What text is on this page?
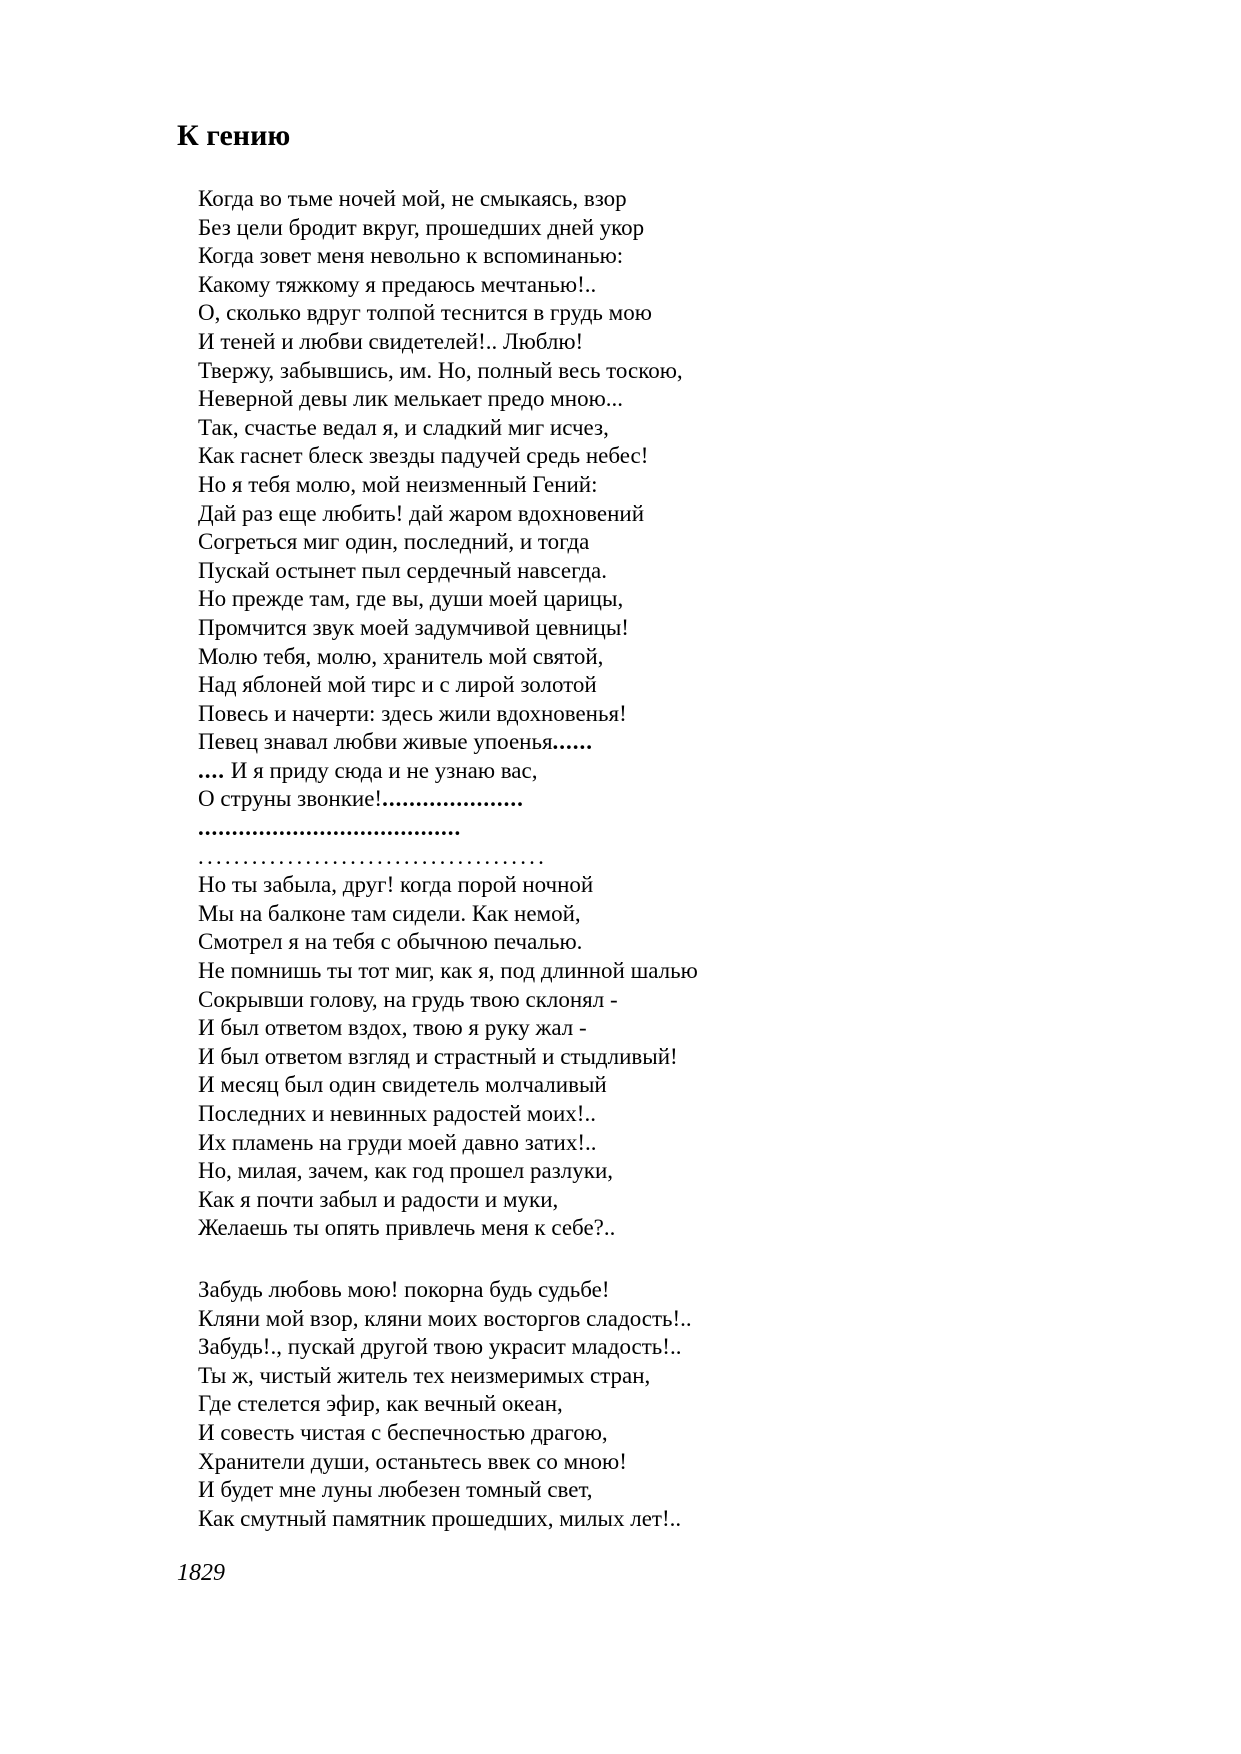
К гению
Когда во тьме ночей мой, не смыкаясь, взор
Без цели бродит вкруг, прошедших дней укор
Когда зовет меня невольно к вспоминанью:
Какому тяжкому я предаюсь мечтанью!..
О, сколько вдруг толпой теснится в грудь мою
И теней и любви свидетелей!.. Люблю!
Твержу, забывшись, им. Но, полный весь тоскою,
Неверной девы лик мелькает предо мною...
Так, счастье ведал я, и сладкий миг исчез,
Как гаснет блеск звезды падучей средь небес!
Но я тебя молю, мой неизменный Гений:
Дай раз еще любить! дай жаром вдохновений
Согреться миг один, последний, и тогда
Пускай остынет пыл сердечный навсегда.
Но прежде там, где вы, души моей царицы,
Промчится звук моей задумчивой цевницы!
Молю тебя, молю, хранитель мой святой,
Над яблоней мой тирс и с лирой золотой
Повесь и начерти: здесь жили вдохновенья!
Певец знавал любви живые упоенья......
.... И я приду сюда и не узнаю вас,
О струны звонкие!.....................
.......................................
.......................................
Но ты забыла, друг! когда порой ночной
Мы на балконе там сидели. Как немой,
Смотрел я на тебя с обычною печалью.
Не помнишь ты тот миг, как я, под длинной шалью
Сокрывши голову, на грудь твою склонял -
И был ответом вздох, твою я руку жал -
И был ответом взгляд и страстный и стыдливый!
И месяц был один свидетель молчаливый
Последних и невинных радостей моих!..
Их пламень на груди моей давно затих!..
Но, милая, зачем, как год прошел разлуки,
Как я почти забыл и радости и муки,
Желаешь ты опять привлечь меня к себе?..
Забудь любовь мою! покорна будь судьбе!
Кляни мой взор, кляни моих восторгов сладость!..
Забудь!., пускай другой твою украсит младость!..
Ты ж, чистый житель тех неизмеримых стран,
Где стелется эфир, как вечный океан,
И совесть чистая с беспечностью драгою,
Хранители души, останьтесь ввек со мною!
И будет мне луны любезен томный свет,
Как смутный памятник прошедших, милых лет!..

1829
